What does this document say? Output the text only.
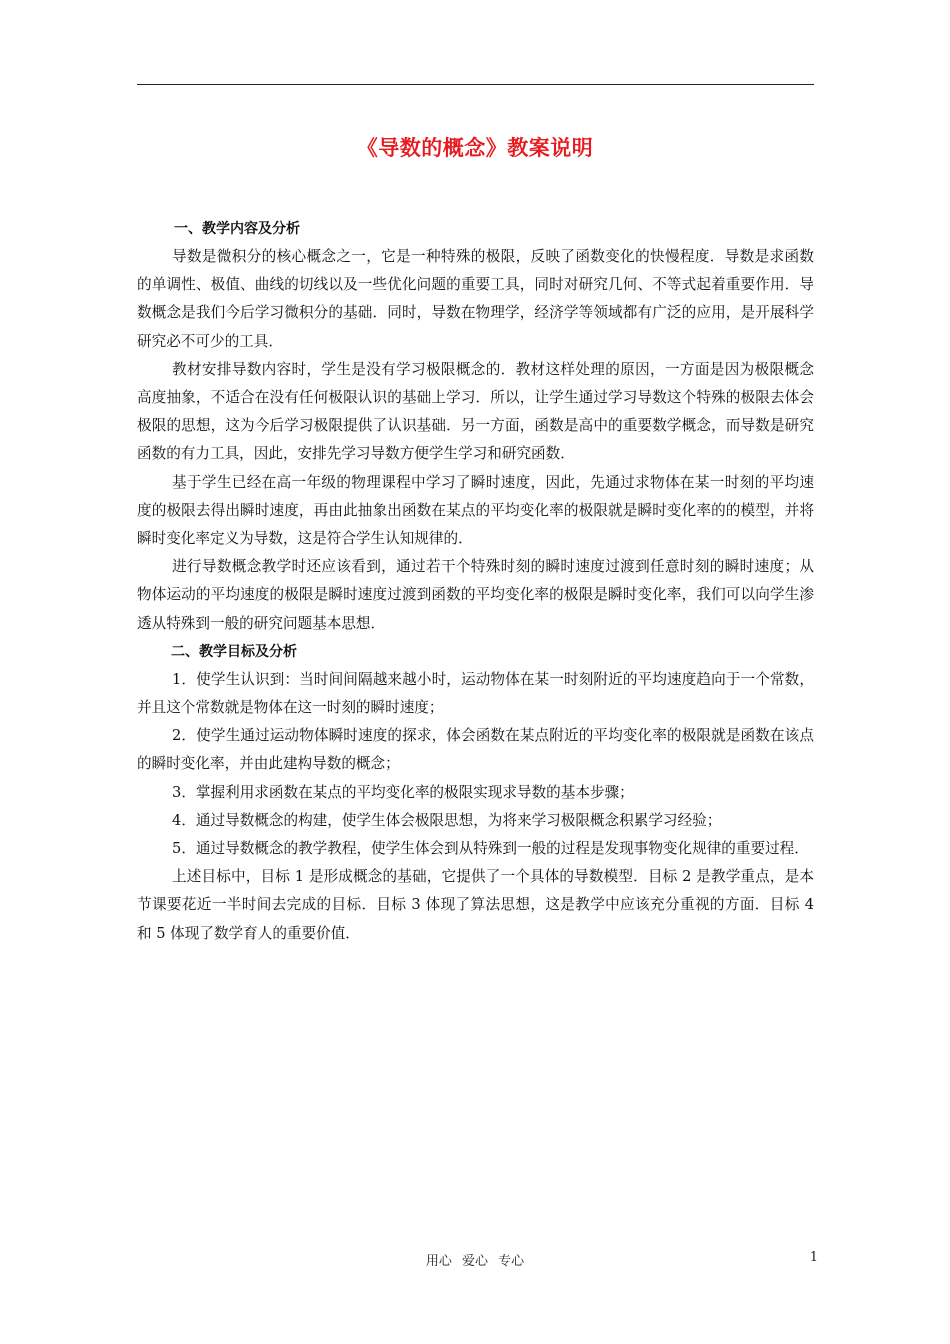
《导数的概念》教案说明

一、教学内容及分析

导数是微积分的核心概念之一，它是一种特殊的极限，反映了函数变化的快慢程度．导数是求函数的单调性、极值、曲线的切线以及一些优化问题的重要工具，同时对研究几何、不等式起着重要作用．导数概念是我们今后学习微积分的基础．同时，导数在物理学，经济学等领域都有广泛的应用，是开展科学研究必不可少的工具．

教材安排导数内容时，学生是没有学习极限概念的．教材这样处理的原因，一方面是因为极限概念高度抽象，不适合在没有任何极限认识的基础上学习．所以，让学生通过学习导数这个特殊的极限去体会极限的思想，这为今后学习极限提供了认识基础．另一方面，函数是高中的重要数学概念，而导数是研究函数的有力工具，因此，安排先学习导数方便学生学习和研究函数．

基于学生已经在高一年级的物理课程中学习了瞬时速度，因此，先通过求物体在某一时刻的平均速度的极限去得出瞬时速度，再由此抽象出函数在某点的平均变化率的极限就是瞬时变化率的的模型，并将瞬时变化率定义为导数，这是符合学生认知规律的．

进行导数概念教学时还应该看到，通过若干个特殊时刻的瞬时速度过渡到任意时刻的瞬时速度；从物体运动的平均速度的极限是瞬时速度过渡到函数的平均变化率的极限是瞬时变化率，我们可以向学生渗透从特殊到一般的研究问题基本思想．

二、教学目标及分析

1．使学生认识到：当时间间隔越来越小时，运动物体在某一时刻附近的平均速度趋向于一个常数，并且这个常数就是物体在这一时刻的瞬时速度；

2．使学生通过运动物体瞬时速度的探求，体会函数在某点附近的平均变化率的极限就是函数在该点的瞬时变化率，并由此建构导数的概念；

3．掌握利用求函数在某点的平均变化率的极限实现求导数的基本步骤；

4．通过导数概念的构建，使学生体会极限思想，为将来学习极限概念积累学习经验；

5．通过导数概念的教学教程，使学生体会到从特殊到一般的过程是发现事物变化规律的重要过程．

上述目标中，目标 1 是形成概念的基础，它提供了一个具体的导数模型．目标 2 是教学重点，是本节课要花近一半时间去完成的目标．目标 3 体现了算法思想，这是教学中应该充分重视的方面．目标 4 和 5 体现了数学育人的重要价值．

用心 爱心 专心	1
